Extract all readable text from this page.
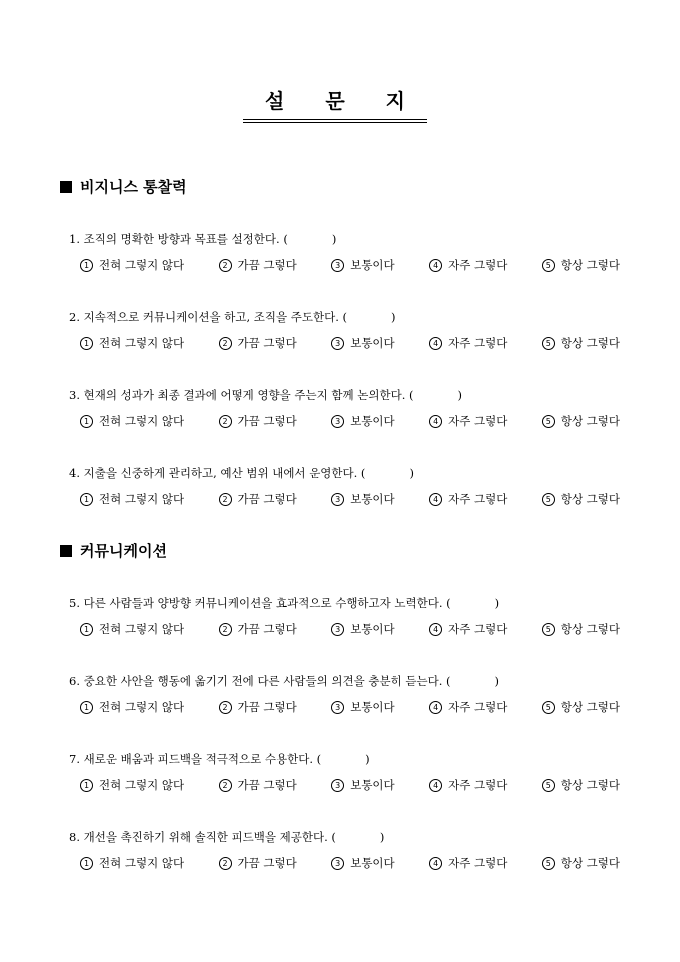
설 문 지
비지니스 통찰력
1. 조직의 명확한 방향과 목표를 설정한다. (	)
1 전혀 그렇지 않다	2 가끔 그렇다	3 보통이다	4 자주 그렇다	5 항상 그렇다
2. 지속적으로 커뮤니케이션을 하고, 조직을 주도한다. (	)
1 전혀 그렇지 않다	2 가끔 그렇다	3 보통이다	4 자주 그렇다	5 항상 그렇다
3. 현재의 성과가 최종 결과에 어떻게 영향을 주는지 함께 논의한다. (	)
1 전혀 그렇지 않다	2 가끔 그렇다	3 보통이다	4 자주 그렇다	5 항상 그렇다
4. 지출을 신중하게 관리하고, 예산 범위 내에서 운영한다. (	)
1 전혀 그렇지 않다	2 가끔 그렇다	3 보통이다	4 자주 그렇다	5 항상 그렇다
커뮤니케이션
5. 다른 사람들과 양방향 커뮤니케이션을 효과적으로 수행하고자 노력한다. (	)
1 전혀 그렇지 않다	2 가끔 그렇다	3 보통이다	4 자주 그렇다	5 항상 그렇다
6. 중요한 사안을 행동에 옮기기 전에 다른 사람들의 의견을 충분히 듣는다. (	)
1 전혀 그렇지 않다	2 가끔 그렇다	3 보통이다	4 자주 그렇다	5 항상 그렇다
7. 새로운 배움과 피드백을 적극적으로 수용한다. (	)
1 전혀 그렇지 않다	2 가끔 그렇다	3 보통이다	4 자주 그렇다	5 항상 그렇다
8. 개선을 촉진하기 위해 솔직한 피드백을 제공한다. (	)
1 전혀 그렇지 않다	2 가끔 그렇다	3 보통이다	4 자주 그렇다	5 항상 그렇다
